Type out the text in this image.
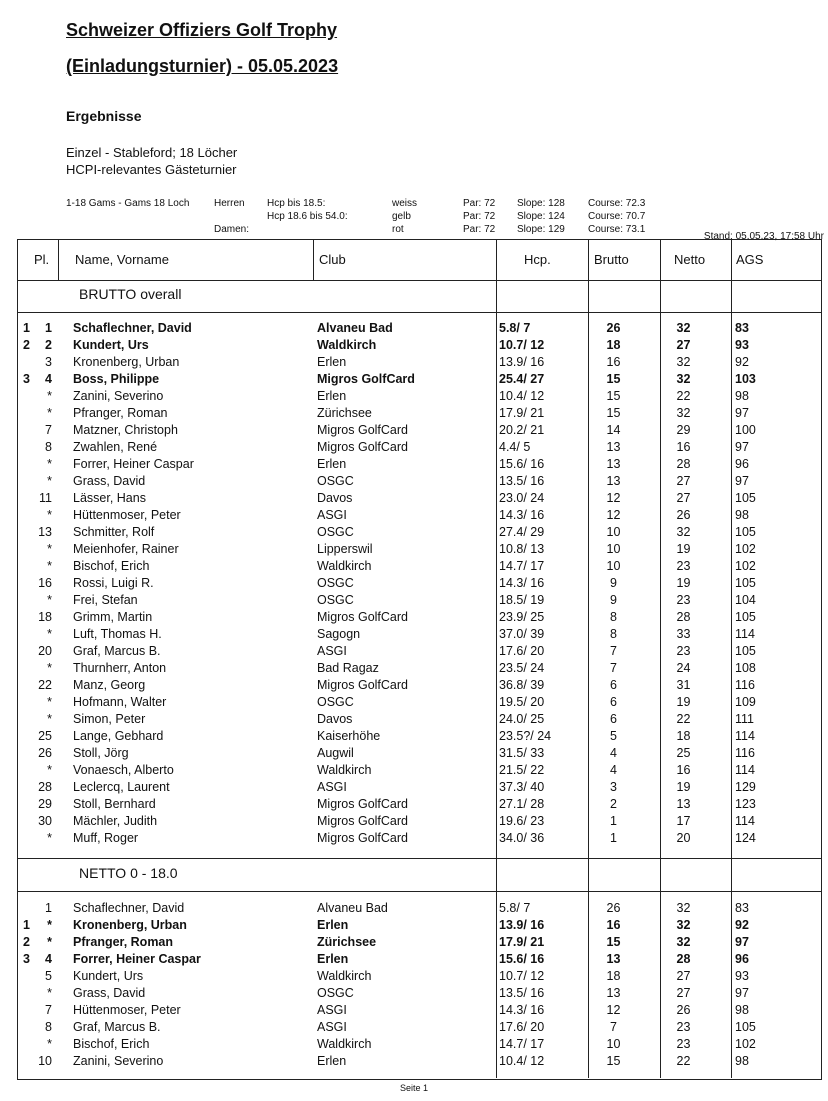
Schweizer Offiziers Golf Trophy
(Einladungsturnier) - 05.05.2023
Ergebnisse
Einzel - Stableford; 18 Löcher
HCPI-relevantes Gästeturnier
1-18 Gams - Gams 18 Loch Herren
Damen:
Hcp bis 18.5:	weiss	Par: 72 Slope: 128 Course: 72.3
Hcp 18.6 bis 54.0:	gelb	Par: 72 Slope: 124 Course: 70.7
rot	Par: 72 Slope: 129 Course: 73.1
Stand: 05.05.23, 17:58 Uhr
Pl. Name, Vorname	Club	Hcp.	Brutto	Netto AGS
BRUTTO overall
1	1 Schaflechner, David	Alvaneu Bad	5.8/ 7	26	32	83
2	2 Kundert, Urs	Waldkirch	10.7/ 12	18	27	93
3 Kronenberg, Urban	Erlen	13.9/ 16	16	32	92
3	4 Boss, Philippe	Migros GolfCard	25.4/ 27	15	32	103
* Zanini, Severino	Erlen	10.4/ 12	15	22	98
* Pfranger, Roman	Zürichsee	17.9/ 21	15	32	97
7 Matzner, Christoph	Migros GolfCard	20.2/ 21	14	29	100
8 Zwahlen, René	Migros GolfCard	4.4/ 5	13	16	97
* Forrer, Heiner Caspar	Erlen	15.6/ 16	13	28	96
* Grass, David	OSGC	13.5/ 16	13	27	97
11 Lässer, Hans	Davos	23.0/ 24	12	27	105
* Hüttenmoser, Peter	ASGI	14.3/ 16	12	26	98
13 Schmitter, Rolf	OSGC	27.4/ 29	10	32	105
* Meienhofer, Rainer	Lipperswil	10.8/ 13	10	19	102
* Bischof, Erich	Waldkirch	14.7/ 17	10	23	102
16 Rossi, Luigi R.	OSGC	14.3/ 16	9	19	105
* Frei, Stefan	OSGC	18.5/ 19	9	23	104
18 Grimm, Martin	Migros GolfCard	23.9/ 25	8	28	105
* Luft, Thomas H.	Sagogn	37.0/ 39	8	33	114
20 Graf, Marcus B.	ASGI	17.6/ 20	7	23	105
* Thurnherr, Anton	Bad Ragaz	23.5/ 24	7	24	108
22 Manz, Georg	Migros GolfCard	36.8/ 39	6	31	116
* Hofmann, Walter	OSGC	19.5/ 20	6	19	109
* Simon, Peter	Davos	24.0/ 25	6	22	111
25 Lange, Gebhard	Kaiserhöhe	23.5?/ 24	5	18	114
26 Stoll, Jörg	Augwil	31.5/ 33	4	25	116
* Vonaesch, Alberto	Waldkirch	21.5/ 22	4	16	114
28 Leclercq, Laurent	ASGI	37.3/ 40	3	19	129
29 Stoll, Bernhard	Migros GolfCard	27.1/ 28	2	13	123
30 Mächler, Judith	Migros GolfCard	19.6/ 23	1	17	114
* Muff, Roger	Migros GolfCard	34.0/ 36	1	20	124
NETTO 0 - 18.0
1 Schaflechner, David	Alvaneu Bad	5.8/ 7	26	32	83
1	* Kronenberg, Urban	Erlen	13.9/ 16	16	32	92
2	* Pfranger, Roman	Zürichsee	17.9/ 21	15	32	97
3	4 Forrer, Heiner Caspar	Erlen	15.6/ 16	13	28	96
5 Kundert, Urs	Waldkirch	10.7/ 12	18	27	93
* Grass, David	OSGC	13.5/ 16	13	27	97
7 Hüttenmoser, Peter	ASGI	14.3/ 16	12	26	98
8 Graf, Marcus B.	ASGI	17.6/ 20	7	23	105
* Bischof, Erich	Waldkirch	14.7/ 17	10	23	102
10 Zanini, Severino	Erlen	10.4/ 12	15	22	98
Seite 1
